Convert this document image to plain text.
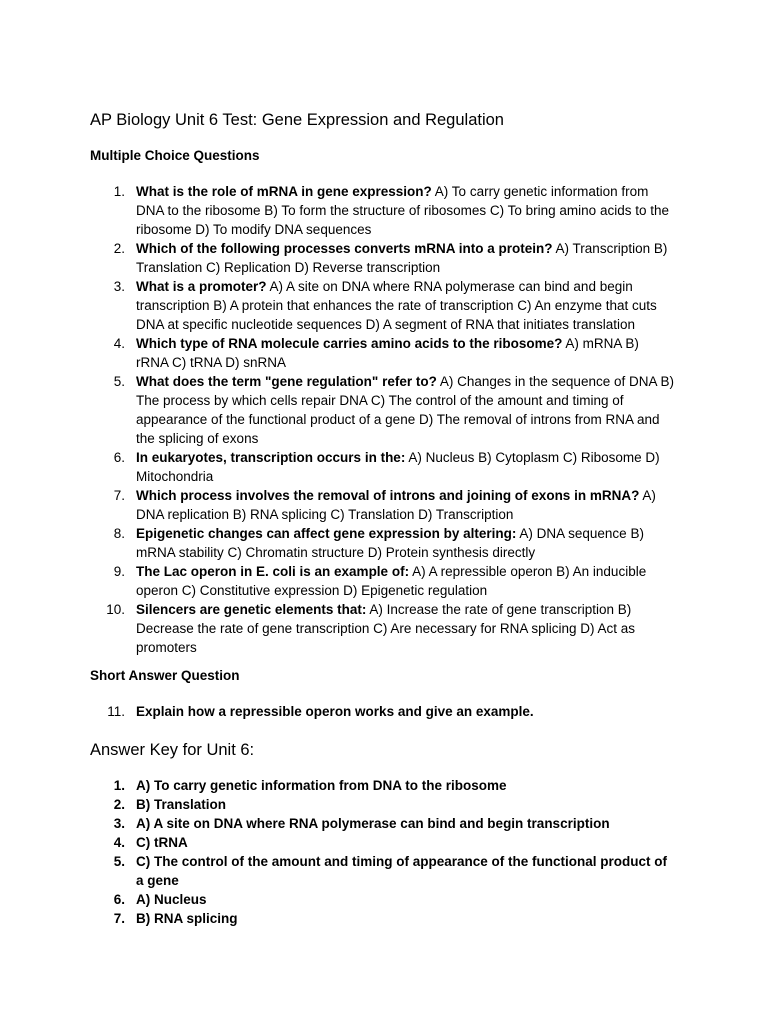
AP Biology Unit 6 Test: Gene Expression and Regulation
Multiple Choice Questions
1. What is the role of mRNA in gene expression? A) To carry genetic information from DNA to the ribosome B) To form the structure of ribosomes C) To bring amino acids to the ribosome D) To modify DNA sequences
2. Which of the following processes converts mRNA into a protein? A) Transcription B) Translation C) Replication D) Reverse transcription
3. What is a promoter? A) A site on DNA where RNA polymerase can bind and begin transcription B) A protein that enhances the rate of transcription C) An enzyme that cuts DNA at specific nucleotide sequences D) A segment of RNA that initiates translation
4. Which type of RNA molecule carries amino acids to the ribosome? A) mRNA B) rRNA C) tRNA D) snRNA
5. What does the term "gene regulation" refer to? A) Changes in the sequence of DNA B) The process by which cells repair DNA C) The control of the amount and timing of appearance of the functional product of a gene D) The removal of introns from RNA and the splicing of exons
6. In eukaryotes, transcription occurs in the: A) Nucleus B) Cytoplasm C) Ribosome D) Mitochondria
7. Which process involves the removal of introns and joining of exons in mRNA? A) DNA replication B) RNA splicing C) Translation D) Transcription
8. Epigenetic changes can affect gene expression by altering: A) DNA sequence B) mRNA stability C) Chromatin structure D) Protein synthesis directly
9. The Lac operon in E. coli is an example of: A) A repressible operon B) An inducible operon C) Constitutive expression D) Epigenetic regulation
10. Silencers are genetic elements that: A) Increase the rate of gene transcription B) Decrease the rate of gene transcription C) Are necessary for RNA splicing D) Act as promoters
Short Answer Question
11. Explain how a repressible operon works and give an example.
Answer Key for Unit 6:
1. A) To carry genetic information from DNA to the ribosome
2. B) Translation
3. A) A site on DNA where RNA polymerase can bind and begin transcription
4. C) tRNA
5. C) The control of the amount and timing of appearance of the functional product of a gene
6. A) Nucleus
7. B) RNA splicing
